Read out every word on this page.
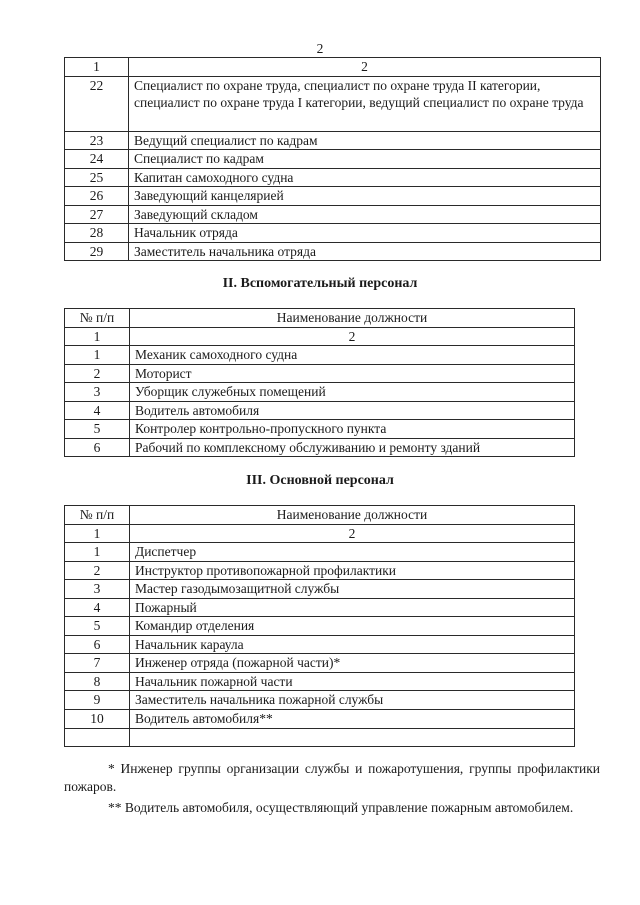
2
1	2
22	Специалист по охране труда, специалист по охране труда II категории, специалист по охране труда I категории, ведущий специалист по охране труда
23	Ведущий специалист по кадрам
24	Специалист по кадрам
25	Капитан самоходного судна
26	Заведующий канцелярией
27	Заведующий складом
28	Начальник отряда
29	Заместитель начальника отряда
II. Вспомогательный персонал
№ п/п	Наименование должности
1	2
1	Механик самоходного судна
2	Моторист
3	Уборщик служебных помещений
4	Водитель автомобиля
5	Контролер контрольно-пропускного пункта
6	Рабочий по комплексному обслуживанию и ремонту зданий
III. Основной персонал
№ п/п	Наименование должности
1	2
1	Диспетчер
2	Инструктор противопожарной профилактики
3	Мастер газодымозащитной службы
4	Пожарный
5	Командир отделения
6	Начальник караула
7	Инженер отряда (пожарной части)*
8	Начальник пожарной части
9	Заместитель начальника пожарной службы
10	Водитель автомобиля**

* Инженер группы организации службы и пожаротушения, группы профилактики пожаров.
** Водитель автомобиля, осуществляющий управление пожарным автомобилем.
